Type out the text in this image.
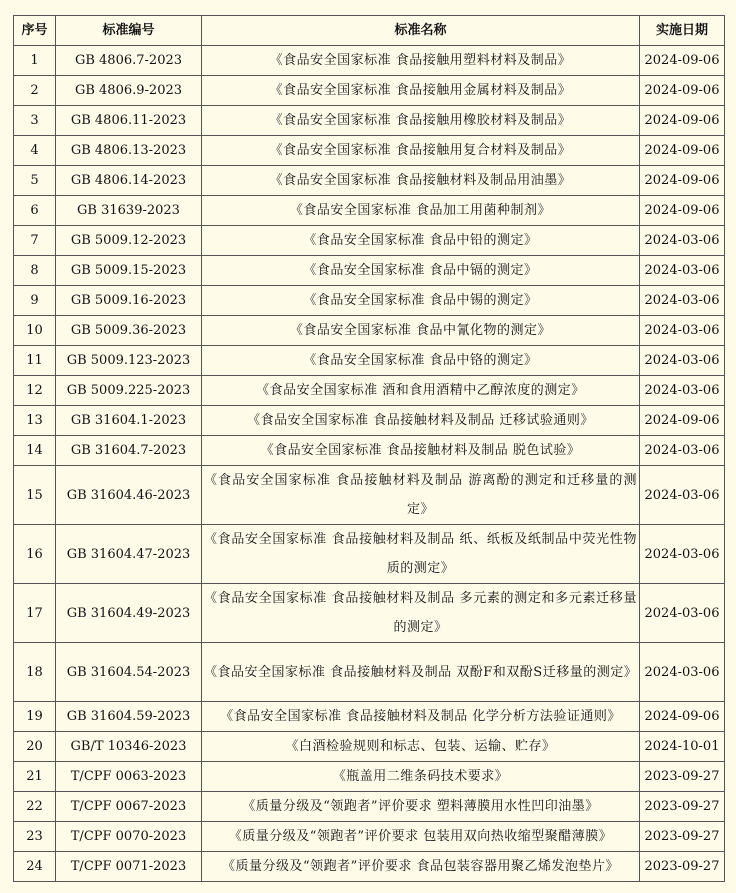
序号	标准编号	标准名称	实施日期
1	GB 4806.7-2023	《食品安全国家标准 食品接触用塑料材料及制品》	2024-09-06
2	GB 4806.9-2023	《食品安全国家标准 食品接触用金属材料及制品》	2024-09-06
3	GB 4806.11-2023	《食品安全国家标准 食品接触用橡胶材料及制品》	2024-09-06
4	GB 4806.13-2023	《食品安全国家标准 食品接触用复合材料及制品》	2024-09-06
5	GB 4806.14-2023	《食品安全国家标准 食品接触材料及制品用油墨》	2024-09-06
6	GB 31639-2023	《食品安全国家标准 食品加工用菌种制剂》	2024-09-06
7	GB 5009.12-2023	《食品安全国家标准 食品中铅的测定》	2024-03-06
8	GB 5009.15-2023	《食品安全国家标准 食品中镉的测定》	2024-03-06
9	GB 5009.16-2023	《食品安全国家标准 食品中锡的测定》	2024-03-06
10	GB 5009.36-2023	《食品安全国家标准 食品中氰化物的测定》	2024-03-06
11	GB 5009.123-2023	《食品安全国家标准 食品中铬的测定》	2024-03-06
12	GB 5009.225-2023	《食品安全国家标准 酒和食用酒精中乙醇浓度的测定》	2024-03-06
13	GB 31604.1-2023	《食品安全国家标准 食品接触材料及制品 迁移试验通则》	2024-09-06
14	GB 31604.7-2023	《食品安全国家标准 食品接触材料及制品 脱色试验》	2024-03-06
15	GB 31604.46-2023	《食品安全国家标准 食品接触材料及制品 游离酚的测定和迁移量的测定》	2024-03-06
16	GB 31604.47-2023	《食品安全国家标准 食品接触材料及制品 纸、纸板及纸制品中荧光性物质的测定》	2024-03-06
17	GB 31604.49-2023	《食品安全国家标准 食品接触材料及制品 多元素的测定和多元素迁移量的测定》	2024-03-06
18	GB 31604.54-2023	《食品安全国家标准 食品接触材料及制品 双酚F和双酚S迁移量的测定》	2024-03-06
19	GB 31604.59-2023	《食品安全国家标准 食品接触材料及制品 化学分析方法验证通则》	2024-09-06
20	GB/T 10346-2023	《白酒检验规则和标志、包装、运输、贮存》	2024-10-01
21	T/CPF 0063-2023	《瓶盖用二维条码技术要求》	2023-09-27
22	T/CPF 0067-2023	《质量分级及“领跑者”评价要求 塑料薄膜用水性凹印油墨》	2023-09-27
23	T/CPF 0070-2023	《质量分级及“领跑者”评价要求 包装用双向热收缩型聚醋薄膜》	2023-09-27
24	T/CPF 0071-2023	《质量分级及“领跑者”评价要求 食品包装容器用聚乙烯发泡垫片》	2023-09-27
